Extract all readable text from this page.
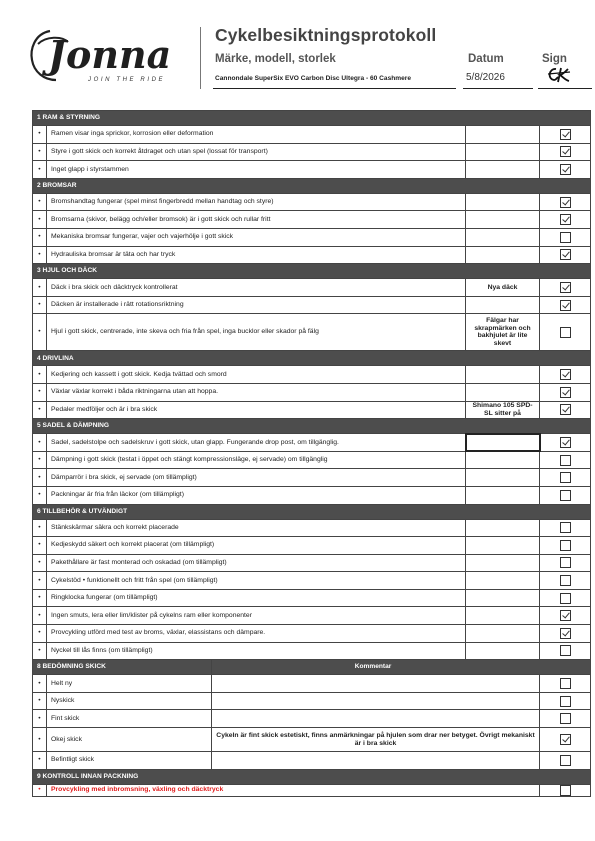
Jonna
JOIN THE RIDE
Cykelbesiktningsprotokoll
Märke, modell, storlek	Datum	Sign
Cannondale SuperSix EVO Carbon Disc Ultegra - 60 Cashmere	5/8/2026
1 RAM & STYRNING				
•	Ramen visar inga sprickor, korrosion eller deformation			

•	Styre i gott skick och korrekt åtdraget och utan spel (lossat för transport)			

•	Inget glapp i styrstammen			

2 BROMSAR				
•	Bromshandtag fungerar (spel minst fingerbredd mellan handtag och styre)			

•	Bromsarna (skivor, belägg och/eller bromsok) är i gott skick och rullar fritt			

•	Mekaniska bromsar fungerar, vajer och vajerhölje i gott skick			
•	Hydrauliska bromsar är täta och har tryck			

3 HJUL OCH DÄCK				
•	Däck i bra skick och däcktryck kontrollerat		Nya däck	

•	Däcken är installerade i rätt rotationsriktning			

•	Hjul i gott skick, centrerade, inte skeva och fria från spel, inga bucklor eller skador på fälg		Fälgar har skrapmärken och bakhjulet är lite skevt	
4 DRIVLINA				
•	Kedjering och kassett i gott skick. Kedja tvättad och smord			

•	Växlar växlar korrekt i båda riktningarna utan att hoppa.			

•	Pedaler medföljer och är i bra skick		Shimano 105 SPD-SL sitter på	

5 SADEL & DÄMPNING				
•	Sadel, sadelstolpe och sadelskruv i gott skick, utan glapp. Fungerande drop post, om tillgänglig.			

•	Dämpning i gott skick (testat i öppet och stängt kompressionsläge, ej servade) om tillgänglig			
•	Dämparrör i bra skick, ej servade (om tillämpligt)			
•	Packningar är fria från läckor (om tillämpligt)			
6 TILLBEHÖR & UTVÄNDIGT				
•	Stänkskärmar säkra och korrekt placerade			
•	Kedjeskydd säkert och korrekt placerat (om tillämpligt)			
•	Pakethållare är fast monterad och oskadad (om tillämpligt)			
•	Cykelstöd • funktionellt och fritt från spel (om tillämpligt)			
•	Ringklocka fungerar (om tillämpligt)			
•	Ingen smuts, lera eller lim/klister på cykelns ram eller komponenter			

•	Provcykling utförd med test av broms, växlar, elassistans och dämpare.			

•	Nyckel till lås finns (om tillämpligt)			
8 BEDÖMNING SKICK		Kommentar		
•	Helt ny			
•	Nyskick			
•	Fint skick			
•	Okej skick	Cykeln är fint skick estetiskt, finns anmärkningar på hjulen som drar ner betyget. Övrigt mekaniskt är i bra skick		

•	Befintligt skick			
9 KONTROLL INNAN PACKNING				
•	Provcykling med inbromsning, växling och däcktryck			
